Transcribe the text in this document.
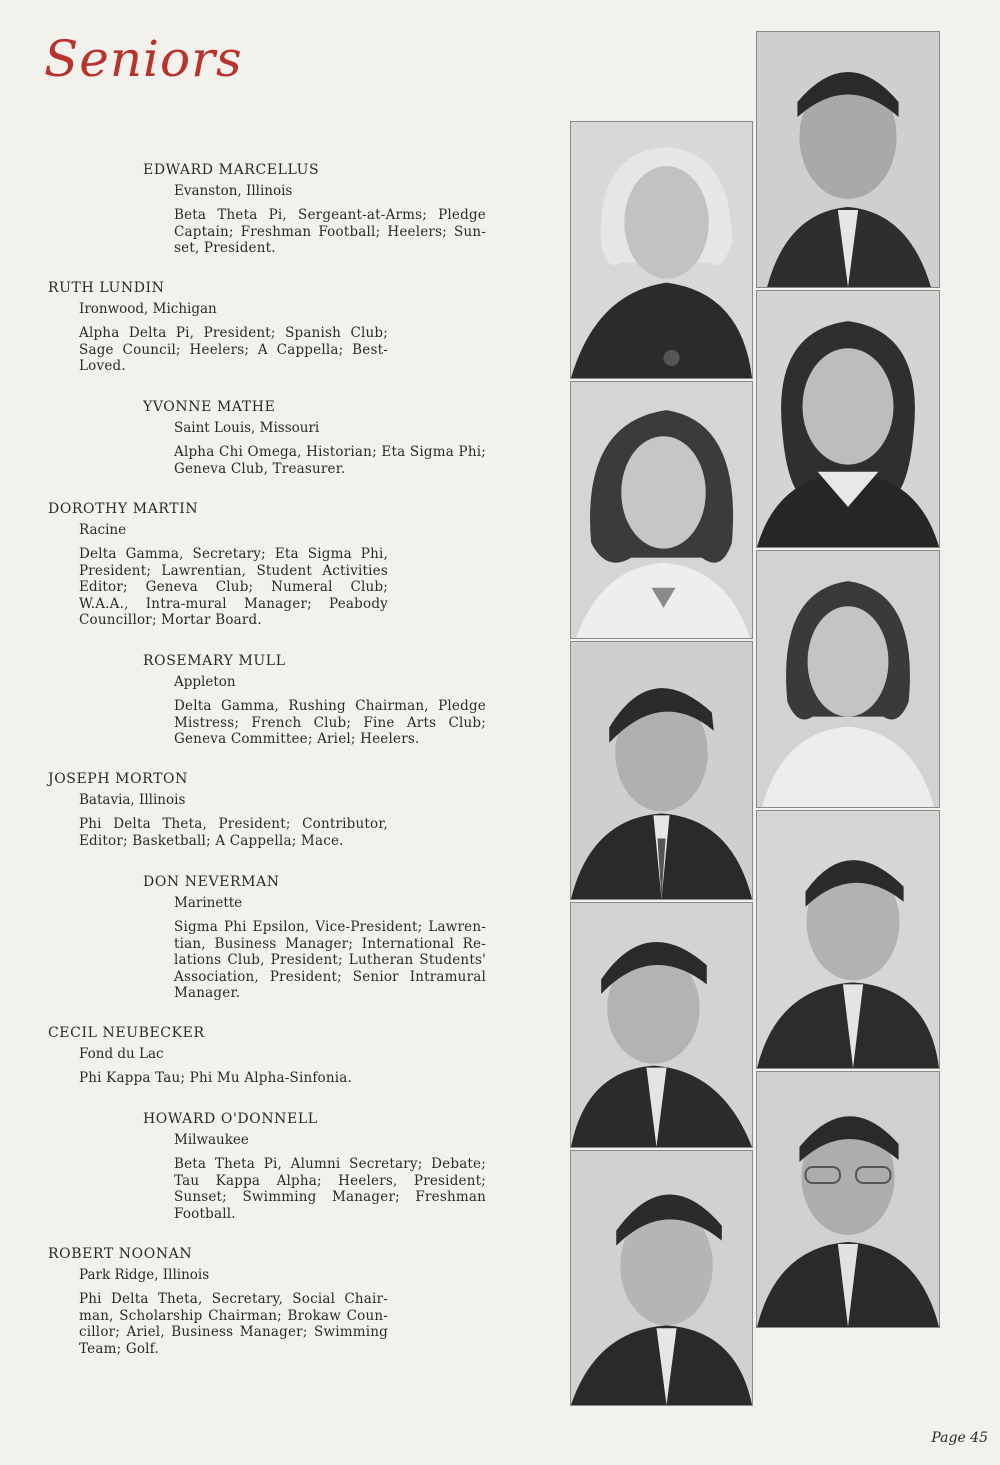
Seniors
EDWARD MARCELLUS
Evanston, Illinois
Beta Theta Pi, Sergeant-at-Arms; Pledge Captain; Freshman Football; Heelers; Sun- set, President.
RUTH LUNDIN
Ironwood, Michigan
Alpha Delta Pi, President; Spanish Club; Sage Council; Heelers; A Cappella; Best- Loved.
YVONNE MATHE
Saint Louis, Missouri
Alpha Chi Omega, Historian; Eta Sigma Phi; Geneva Club, Treasurer.
DOROTHY MARTIN
Racine
Delta Gamma, Secretary; Eta Sigma Phi, President; Lawrentian, Student Activities Editor; Geneva Club; Numeral Club; W.A.A., Intra-mural Manager; Peabody Councillor; Mortar Board.
ROSEMARY MULL
Appleton
Delta Gamma, Rushing Chairman, Pledge Mistress; French Club; Fine Arts Club; Geneva Committee; Ariel; Heelers.
JOSEPH MORTON
Batavia, Illinois
Phi Delta Theta, President; Contributor, Editor; Basketball; A Cappella; Mace.
DON NEVERMAN
Marinette
Sigma Phi Epsilon, Vice-President; Lawren- tian, Business Manager; International Re- lations Club, President; Lutheran Students' Association, President; Senior Intramural Manager.
CECIL NEUBECKER
Fond du Lac
Phi Kappa Tau; Phi Mu Alpha-Sinfonia.
HOWARD O'DONNELL
Milwaukee
Beta Theta Pi, Alumni Secretary; Debate; Tau Kappa Alpha; Heelers, President; Sunset; Swimming Manager; Freshman Football.
ROBERT NOONAN
Park Ridge, Illinois
Phi Delta Theta, Secretary, Social Chair- man, Scholarship Chairman; Brokaw Coun- cillor; Ariel, Business Manager; Swimming Team; Golf.
Page 45
